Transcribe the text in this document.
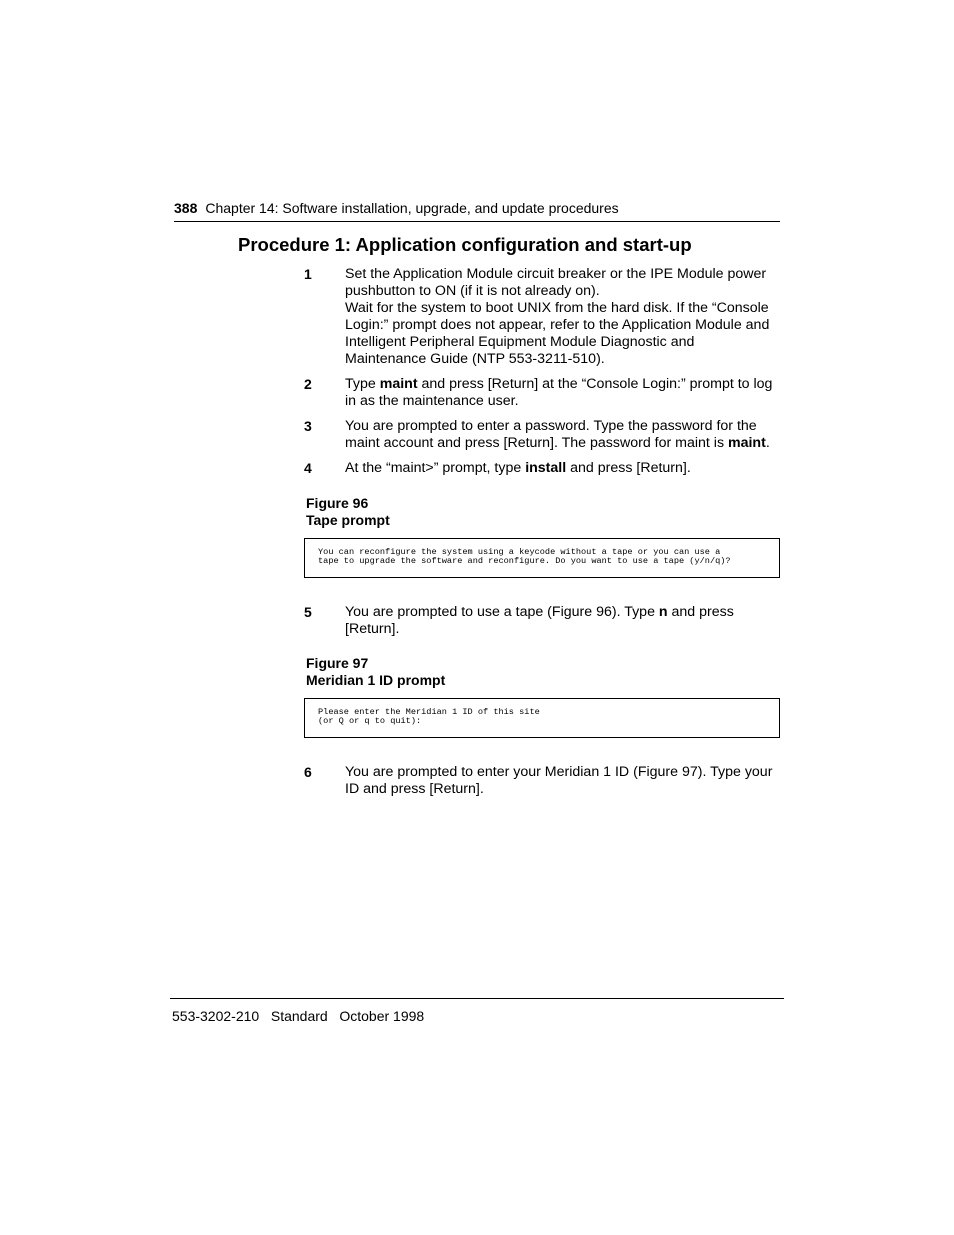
388 Chapter 14: Software installation, upgrade, and update procedures
Procedure 1: Application configuration and start-up
1 Set the Application Module circuit breaker or the IPE Module power
pushbutton to ON (if it is not already on).
Wait for the system to boot UNIX from the hard disk. If the “Console
Login:” prompt does not appear, refer to the Application Module and
Intelligent Peripheral Equipment Module Diagnostic and
Maintenance Guide (NTP 553-3211-510).
2 Type maint and press [Return] at the “Console Login:” prompt to log in as the maintenance user.
3 You are prompted to enter a password. Type the password for the maint account and press [Return]. The password for maint is maint.
4 At the “maint>” prompt, type install and press [Return].
Figure 96
Tape prompt
You can reconfigure the system using a keycode without a tape or you can use a
tape to upgrade the software and reconfigure. Do you want to use a tape (y/n/q)?
5 You are prompted to use a tape (Figure 96). Type n and press [Return].
Figure 97
Meridian 1 ID prompt
Please enter the Meridian 1 ID of this site
(or Q or q to quit):
6 You are prompted to enter your Meridian 1 ID (Figure 97). Type your ID and press [Return].
553-3202-210 Standard October 1998
